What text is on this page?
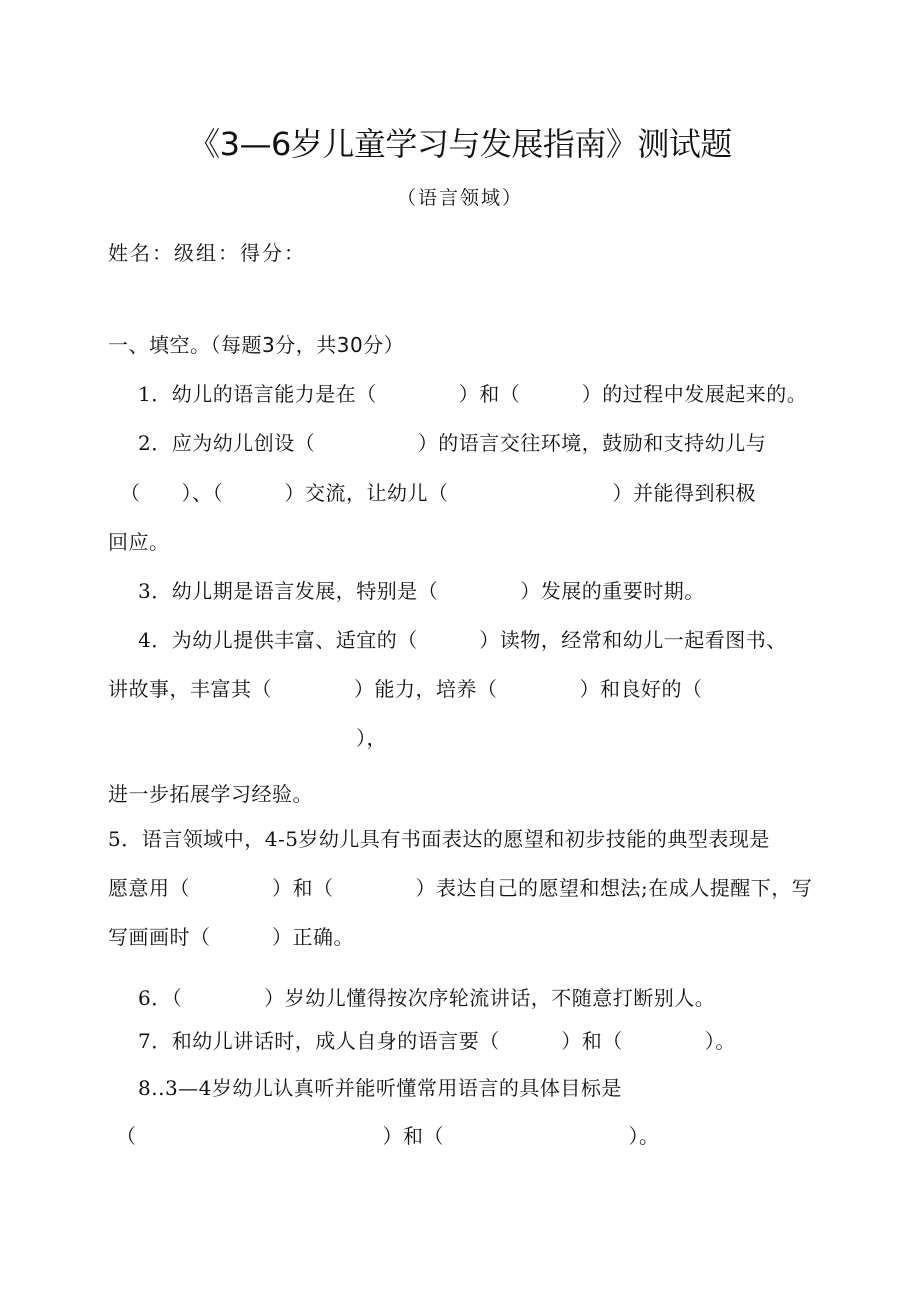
《3—6岁儿童学习与发展指南》测试题
（语言领域）
姓名：级组：得分：
一、填空。（每题3分，共30分）
1．幼儿的语言能力是在（　　　　）和（　　　）的过程中发展起来的。
2．应为幼儿创设（　　　　　）的语言交往环境，鼓励和支持幼儿与
（　　）、（　　　）交流，让幼儿（　　　　　　　　）并能得到积极
回应。
3．幼儿期是语言发展，特别是（　　　　）发展的重要时期。
4．为幼儿提供丰富、适宜的（　　　）读物，经常和幼儿一起看图书、
讲故事，丰富其（　　　　）能力，培养（　　　　）和良好的（
），
进一步拓展学习经验。
5．语言领域中，4-5岁幼儿具有书面表达的愿望和初步技能的典型表现是
愿意用（　　　　）和（　　　　）表达自己的愿望和想法;在成人提醒下，写
写画画时（　　　）正确。
6．（　　　　）岁幼儿懂得按次序轮流讲话，不随意打断别人。
7．和幼儿讲话时，成人自身的语言要（　　　）和（　　　　）。
8..3—4岁幼儿认真听并能听懂常用语言的具体目标是
（　　　　　　　　　　　　）和（　　　　　　　　　）。
